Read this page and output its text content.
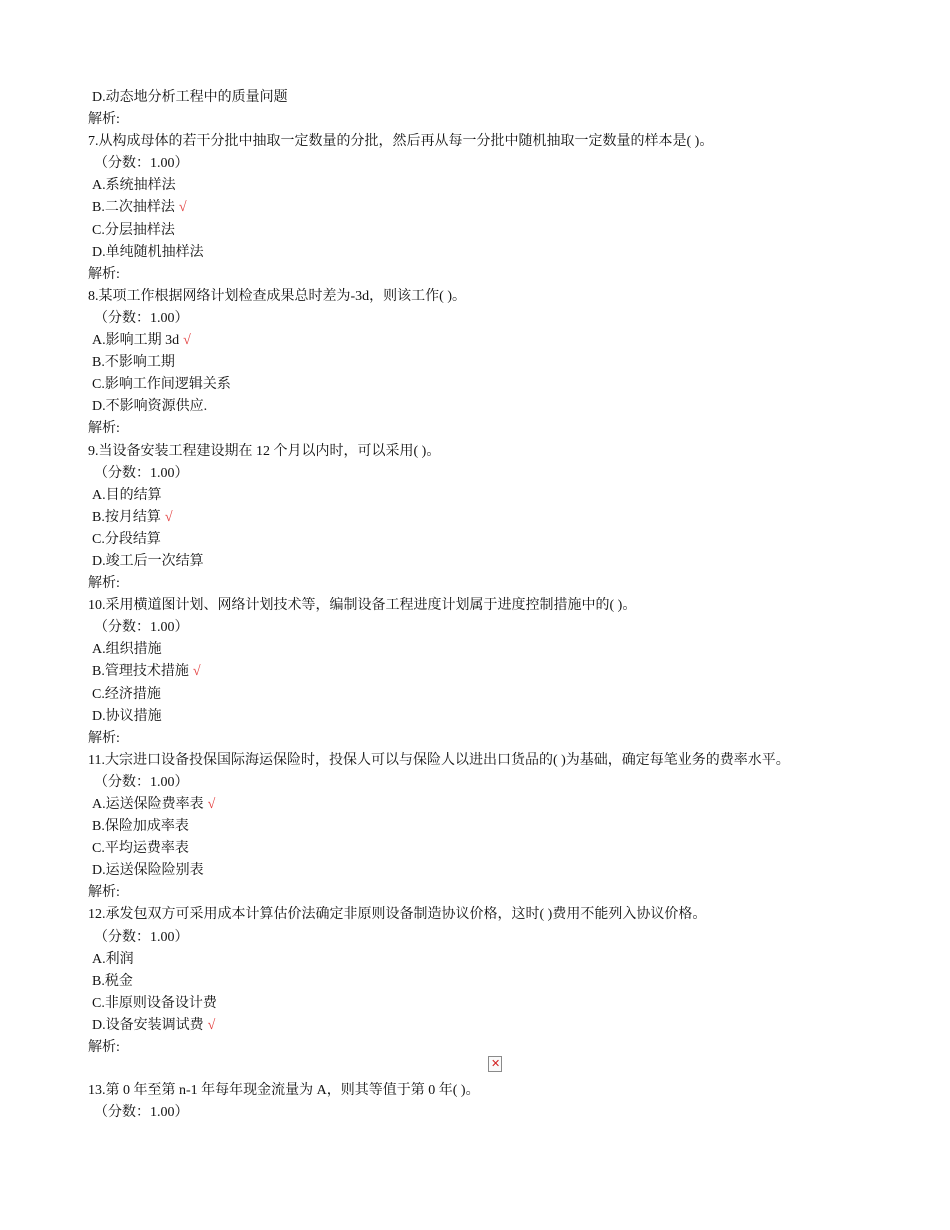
D.动态地分析工程中的质量问题
解析:
7.从构成母体的若干分批中抽取一定数量的分批，然后再从每一分批中随机抽取一定数量的样本是( )。
（分数：1.00）
A.系统抽样法
B.二次抽样法 √
C.分层抽样法
D.单纯随机抽样法
解析:
8.某项工作根据网络计划检查成果总时差为-3d，则该工作( )。
（分数：1.00）
A.影响工期 3d √
B.不影响工期
C.影响工作间逻辑关系
D.不影响资源供应.
解析:
9.当设备安装工程建设期在 12 个月以内时，可以采用( )。
（分数：1.00）
A.目的结算
B.按月结算 √
C.分段结算
D.竣工后一次结算
解析:
10.采用横道图计划、网络计划技术等，编制设备工程进度计划属于进度控制措施中的( )。
（分数：1.00）
A.组织措施
B.管理技术措施 √
C.经济措施
D.协议措施
解析:
11.大宗进口设备投保国际海运保险时，投保人可以与保险人以进出口货品的( )为基础，确定每笔业务的费率水平。
（分数：1.00）
A.运送保险费率表 √
B.保险加成率表
C.平均运费率表
D.运送保险险别表
解析:
12.承发包双方可采用成本计算估价法确定非原则设备制造协议价格，这时( )费用不能列入协议价格。
（分数：1.00）
A.利润
B.税金
C.非原则设备设计费
D.设备安装调试费 √
解析:
✕
13.第 0 年至第 n-1 年每年现金流量为 A，则其等值于第 0 年( )。
（分数：1.00）
